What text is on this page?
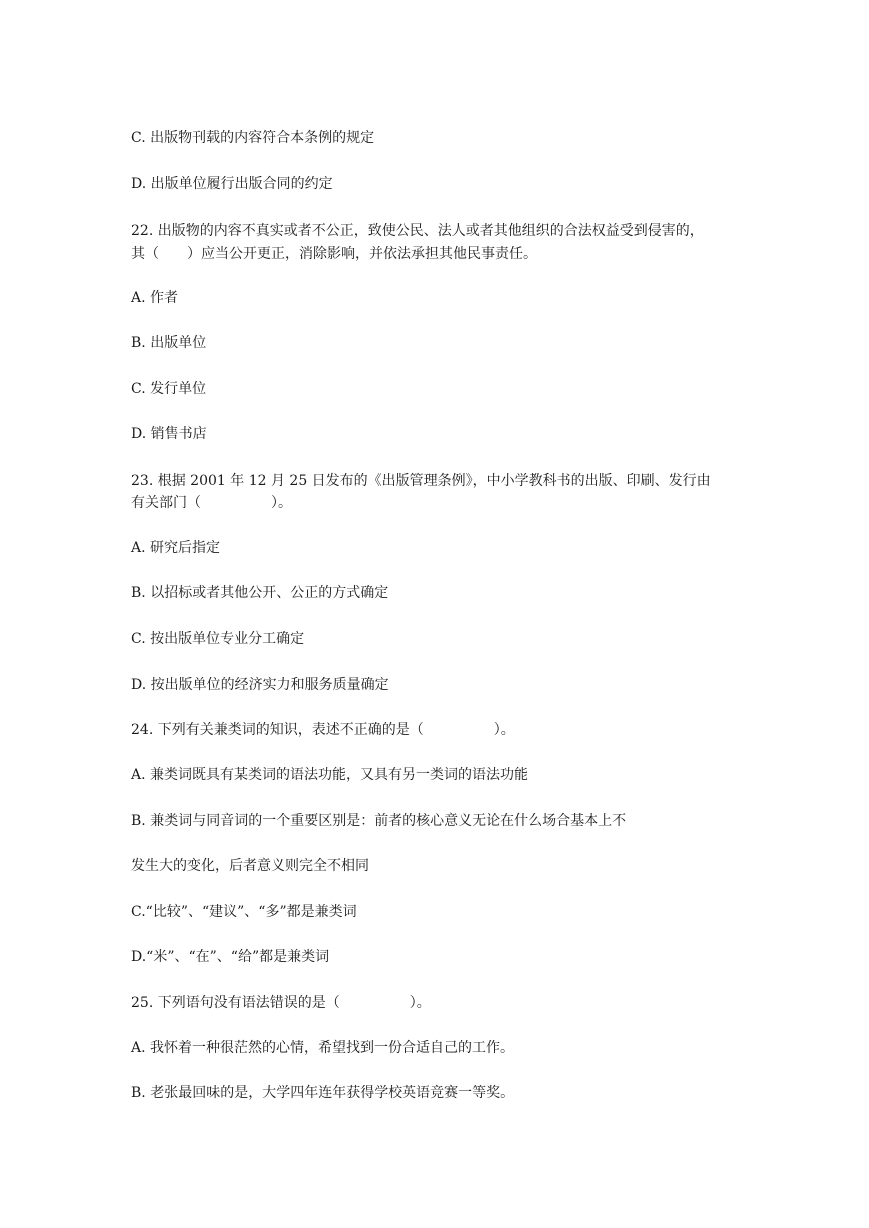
C. 出版物刊载的内容符合本条例的规定
D. 出版单位履行出版合同的约定
22. 出版物的内容不真实或者不公正，致使公民、法人或者其他组织的合法权益受到侵害的，
其（　　）应当公开更正，消除影响，并依法承担其他民事责任。
A. 作者
B. 出版单位
C. 发行单位
D. 销售书店
23. 根据 2001 年 12 月 25 日发布的《出版管理条例》，中小学教科书的出版、印刷、发行由
有关部门（　　　　　）。
A. 研究后指定
B. 以招标或者其他公开、公正的方式确定
C. 按出版单位专业分工确定
D. 按出版单位的经济实力和服务质量确定
24. 下列有关兼类词的知识，表述不正确的是（　　　　　）。
A. 兼类词既具有某类词的语法功能，又具有另一类词的语法功能
B. 兼类词与同音词的一个重要区别是：前者的核心意义无论在什么场合基本上不
发生大的变化，后者意义则完全不相同
C.“比较”、“建议”、“多”都是兼类词
D.“米”、“在”、“给”都是兼类词
25. 下列语句没有语法错误的是（　　　　　）。
A. 我怀着一种很茫然的心情，希望找到一份合适自己的工作。
B. 老张最回味的是，大学四年连年获得学校英语竞赛一等奖。
